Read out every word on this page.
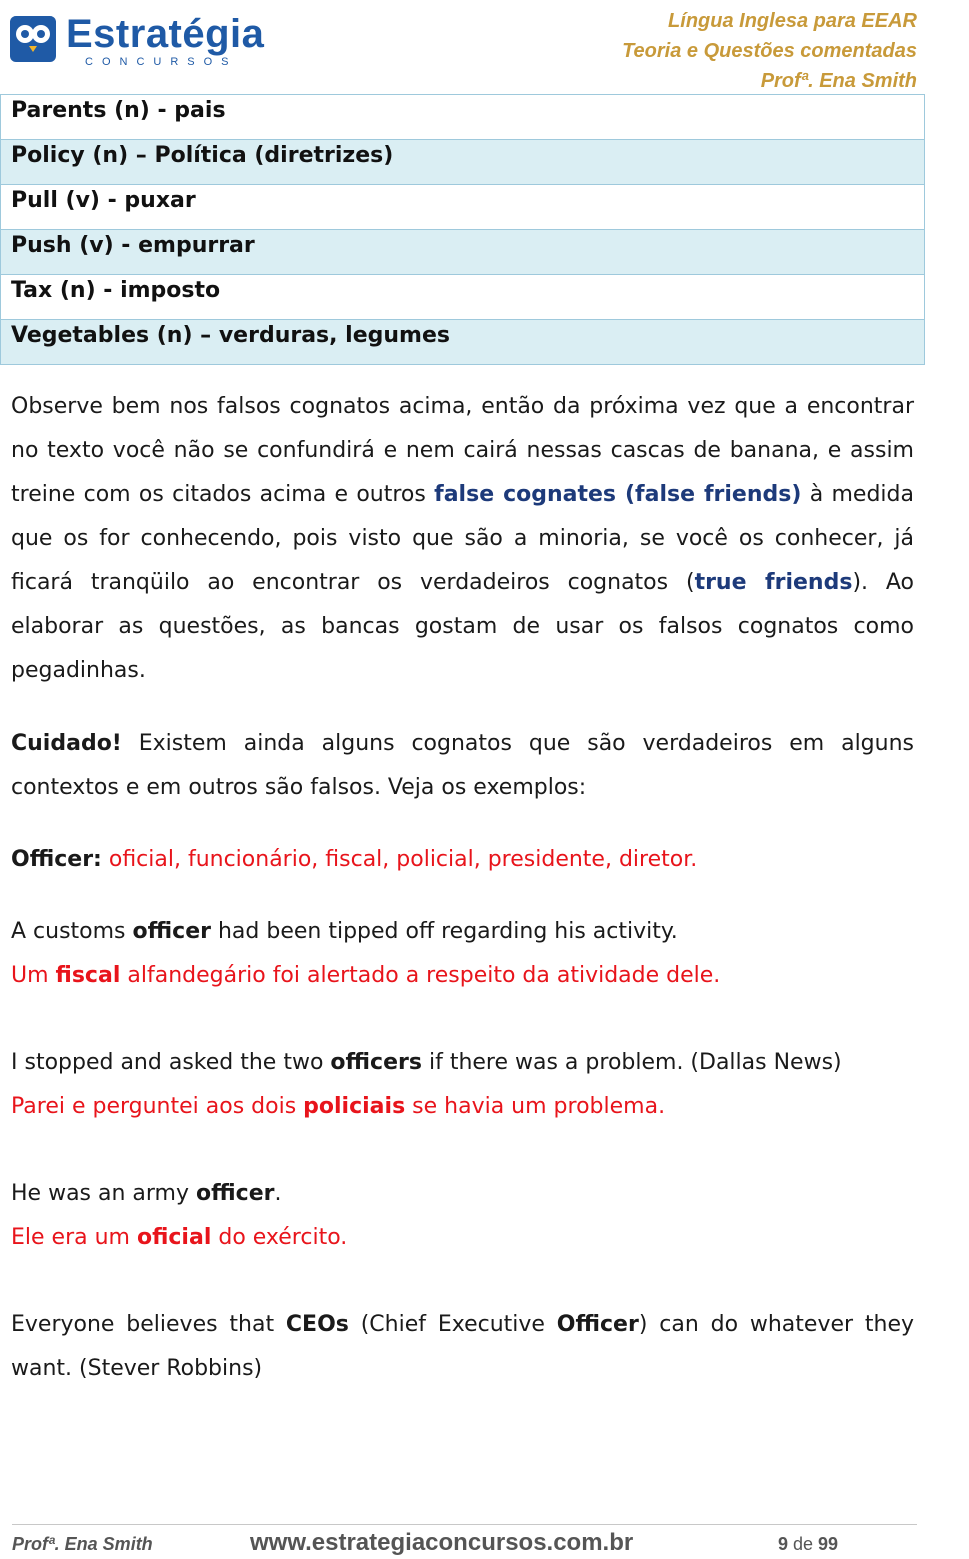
Estratégia
CONCURSOS
Língua Inglesa para EEAR
Teoria e Questões comentadas
Profª. Ena Smith
Parents (n) - pais
Policy (n) – Política (diretrizes)
Pull (v) - puxar
Push (v) - empurrar
Tax (n) - imposto
Vegetables (n) – verduras, legumes

Observe bem nos falsos cognatos acima, então da próxima vez que a encontrar no texto você não se confundirá e nem cairá nessas cascas de banana, e assim treine com os citados acima e outros false cognates (false friends) à medida que os for conhecendo, pois visto que são a minoria, se você os conhecer, já ficará tranqüilo ao encontrar os verdadeiros cognatos (true friends). Ao elaborar as questões, as bancas gostam de usar os falsos cognatos como pegadinhas.

Cuidado! Existem ainda alguns cognatos que são verdadeiros em alguns contextos e em outros são falsos. Veja os exemplos:

Officer: oficial, funcionário, fiscal, policial, presidente, diretor.

A customs officer had been tipped off regarding his activity.

Um fiscal alfandegário foi alertado a respeito da atividade dele.

I stopped and asked the two officers if there was a problem. (Dallas News)

Parei e perguntei aos dois policiais se havia um problema.

He was an army officer.

Ele era um oficial do exército.

Everyone believes that CEOs (Chief Executive Officer) can do whatever they want. (Stever Robbins)

Profª. Ena Smith	www.estrategiaconcursos.com.br	9 de 99
